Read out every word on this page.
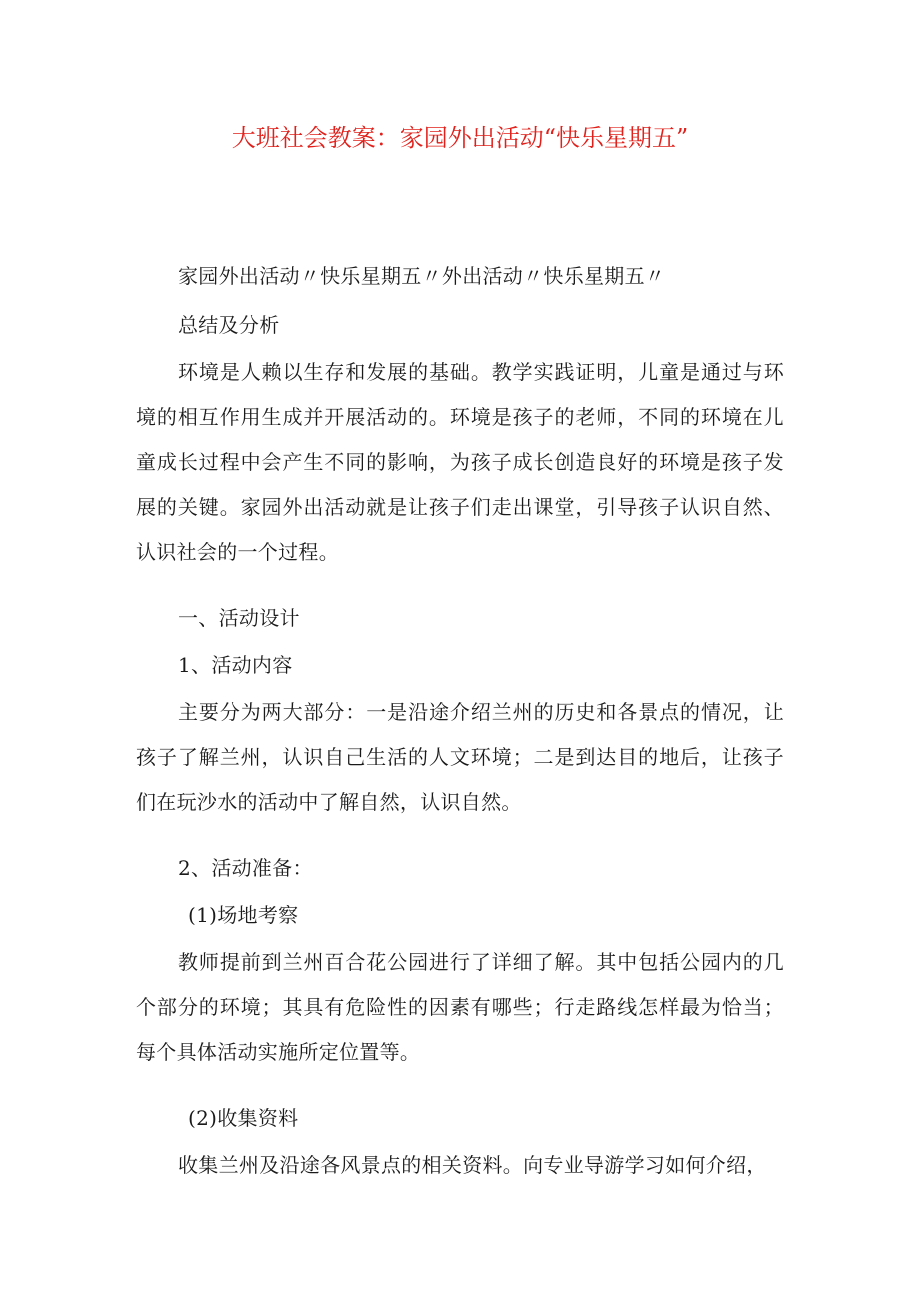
大班社会教案：家园外出活动“快乐星期五”

家园外出活动〃快乐星期五〃外出活动〃快乐星期五〃

总结及分析

环境是人赖以生存和发展的基础。教学实践证明，儿童是通过与环境的相互作用生成并开展活动的。环境是孩子的老师，不同的环境在儿童成长过程中会产生不同的影响，为孩子成长创造良好的环境是孩子发展的关键。家园外出活动就是让孩子们走出课堂，引导孩子认识自然、认识社会的一个过程。

一、活动设计

1、活动内容

主要分为两大部分：一是沿途介绍兰州的历史和各景点的情况，让孩子了解兰州，认识自己生活的人文环境；二是到达目的地后，让孩子们在玩沙水的活动中了解自然，认识自然。

2、活动准备：

(1)场地考察

教师提前到兰州百合花公园进行了详细了解。其中包括公园内的几个部分的环境；其具有危险性的因素有哪些；行走路线怎样最为恰当；每个具体活动实施所定位置等。

(2)收集资料

收集兰州及沿途各风景点的相关资料。向专业导游学习如何介绍，
